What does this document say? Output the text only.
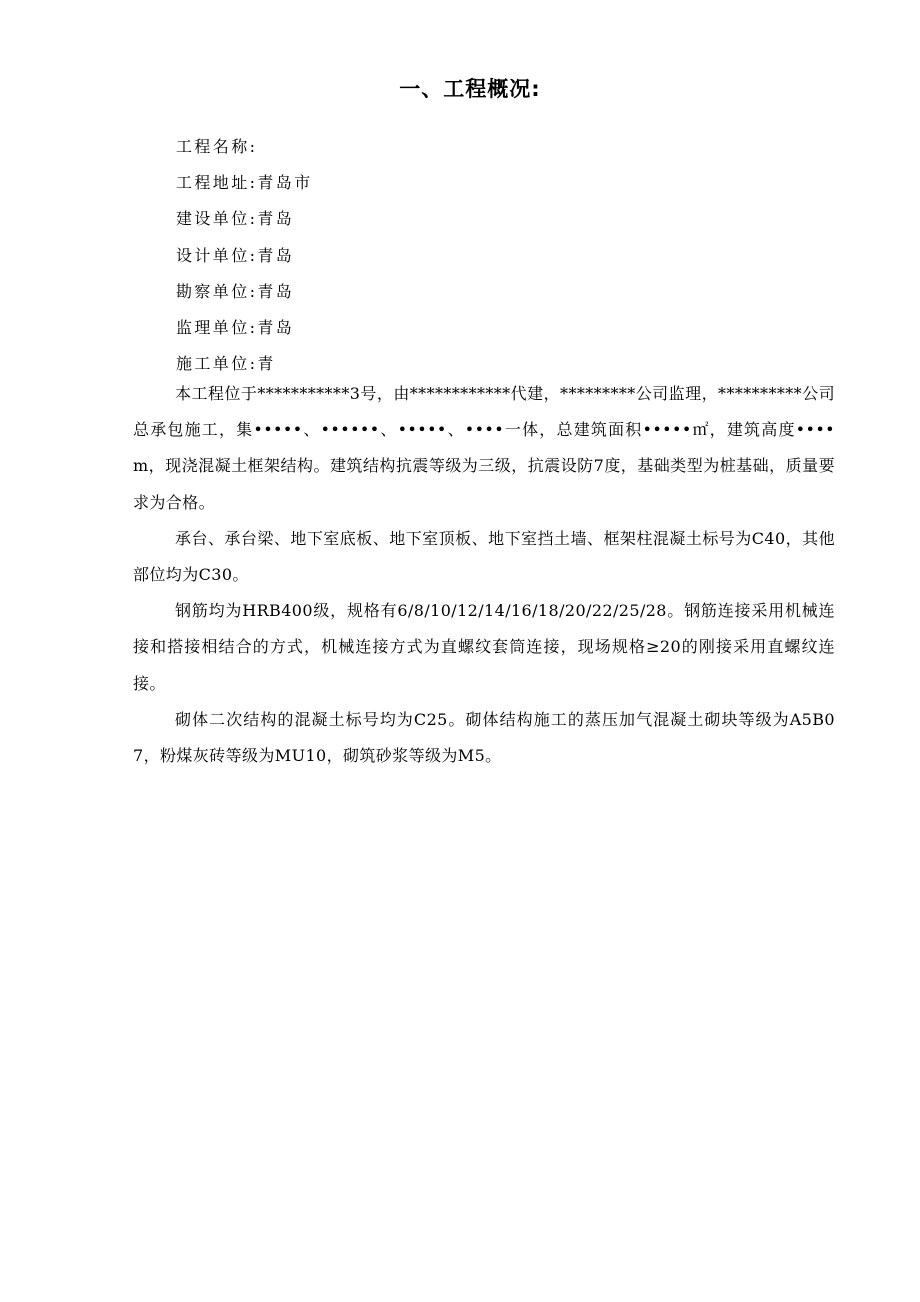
一、工程概况:
工程名称:
工程地址:青岛市
建设单位:青岛
设计单位:青岛
勘察单位:青岛
监理单位:青岛
施工单位:青

本工程位于***********3号，由************代建，*********公司监理，**********公司总承包施工，集•••••、••••••、•••••、••••一体，总建筑面积•••••㎡，建筑高度••••m，现浇混凝土框架结构。建筑结构抗震等级为三级，抗震设防7度，基础类型为桩基础，质量要求为合格。

承台、承台梁、地下室底板、地下室顶板、地下室挡土墙、框架柱混凝土标号为C40，其他部位均为C30。

钢筋均为HRB400级，规格有6/8/10/12/14/16/18/20/22/25/28。钢筋连接采用机械连接和搭接相结合的方式，机械连接方式为直螺纹套筒连接，现场规格≥20的刚接采用直螺纹连接。

砌体二次结构的混凝土标号均为C25。砌体结构施工的蒸压加气混凝土砌块等级为A5B07，粉煤灰砖等级为MU10，砌筑砂浆等级为M5。
